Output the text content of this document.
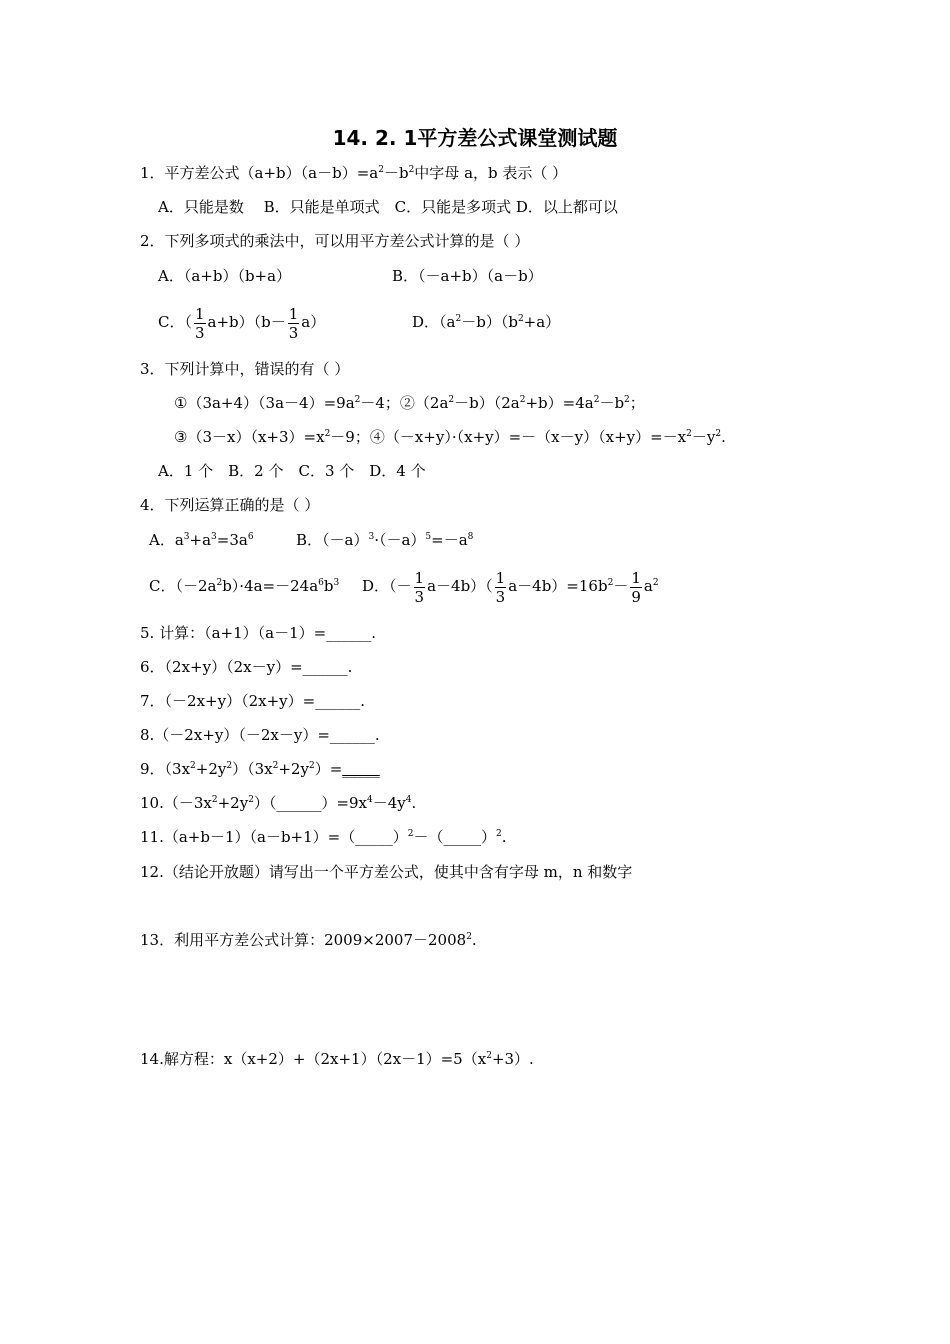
14. 2. 1平方差公式课堂测试题
1．平方差公式$(a+b)(a-b)=a^2-b^2$中字母 a，b 表示（ ）
A．只能是数　 B．只能是单项式　C．只能是多项式 D．以上都可以
2．下列多项式的乘法中，可以用平方差公式计算的是（ ）
A．（a+b）（b+a）	B．（－a+b）（a－b）
C．（ $\frac{1}{3} a+b)(b- \frac{1}{3} a)$	D．$(a^2-b)(b^2+a)$
3．下列计算中，错误的有（ ）
$①(3a+4)(3a-4)=9a^2-4$；$②(2a^2-b)(2a^2+b)=4a^2-b^2$；
$③(3-x)(x+3)=x^2-9$；$④(-x+y)\cdot(x+y)=-(x-y)(x+y)=-x^2-y^2$.
A．1 个　B．2 个　C．3 个　D．4 个
4．下列运算正确的是（ ）
A．$a^3+a^3=3a^6$	B．$(-a)^3\cdot(-a)^5=-a^8$
C．$(-2a^2b)\cdot 4a=-24a^6b^3$ D．（－ $\frac{1}{3} a-4b)( \frac{1}{3} a-4b)=16b^2- \frac{1}{9} a^2$
5. 计算：（a+1）（a－1）=______.
6．（2x+y）（2x－y）=______.
7．（－2x+y）（2x+y）=______.
8.（－2x+y）（－2x－y）=______.
9．$(3x^2+2y^2)(3x^2+2y^2)=\_\_\_\_\_$
$10.(-3x^2+2y^2)(\_\_\_\_\_\_)=9x^4-4y^4$.
11.（a+b－1）（a－b+1）=（_____）$^2$－（_____）$^2$.
12.（结论开放题）请写出一个平方差公式，使其中含有字母 m，n 和数字
13．利用平方差公式计算：$2009\times 2007-2008^2$.
14.解方程：$x(x+2)+(2x+1)(2x-1)=5(x^2+3)$.
